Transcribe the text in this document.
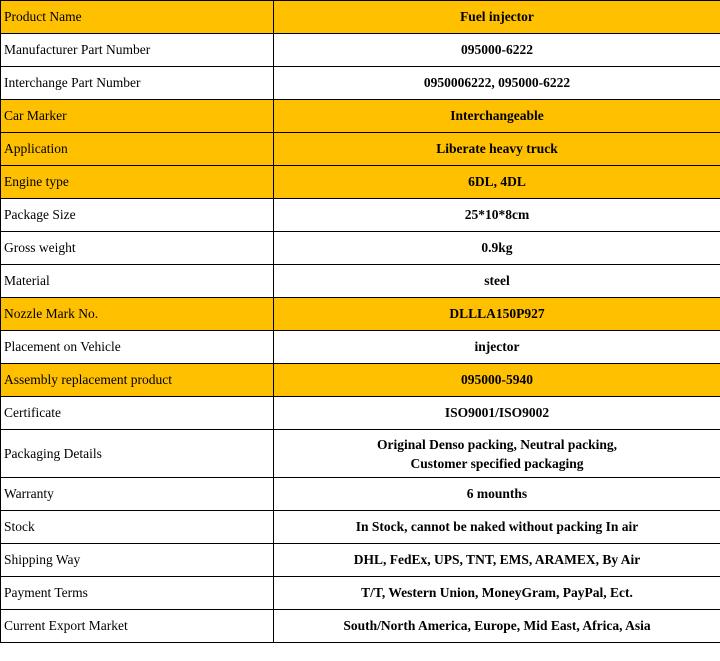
Product Name	Fuel injector
Manufacturer Part Number	095000-6222
Interchange Part Number	0950006222, 095000-6222
Car Marker	Interchangeable
Application	Liberate heavy truck
Engine type	6DL, 4DL
Package Size	25*10*8cm
Gross weight	0.9kg
Material	steel
Nozzle Mark No.	DLLLA150P927
Placement on Vehicle	injector
Assembly replacement product	095000-5940
Certificate	ISO9001/ISO9002
Packaging Details	Original Denso packing, Neutral packing,
Customer specified packaging

Warranty	6 mounths
Stock	In Stock, cannot be naked without packing In air
Shipping Way	DHL, FedEx, UPS, TNT, EMS, ARAMEX, By Air
Payment Terms	T/T, Western Union, MoneyGram, PayPal, Ect.
Current Export Market	South/North America, Europe, Mid East, Africa, Asia
